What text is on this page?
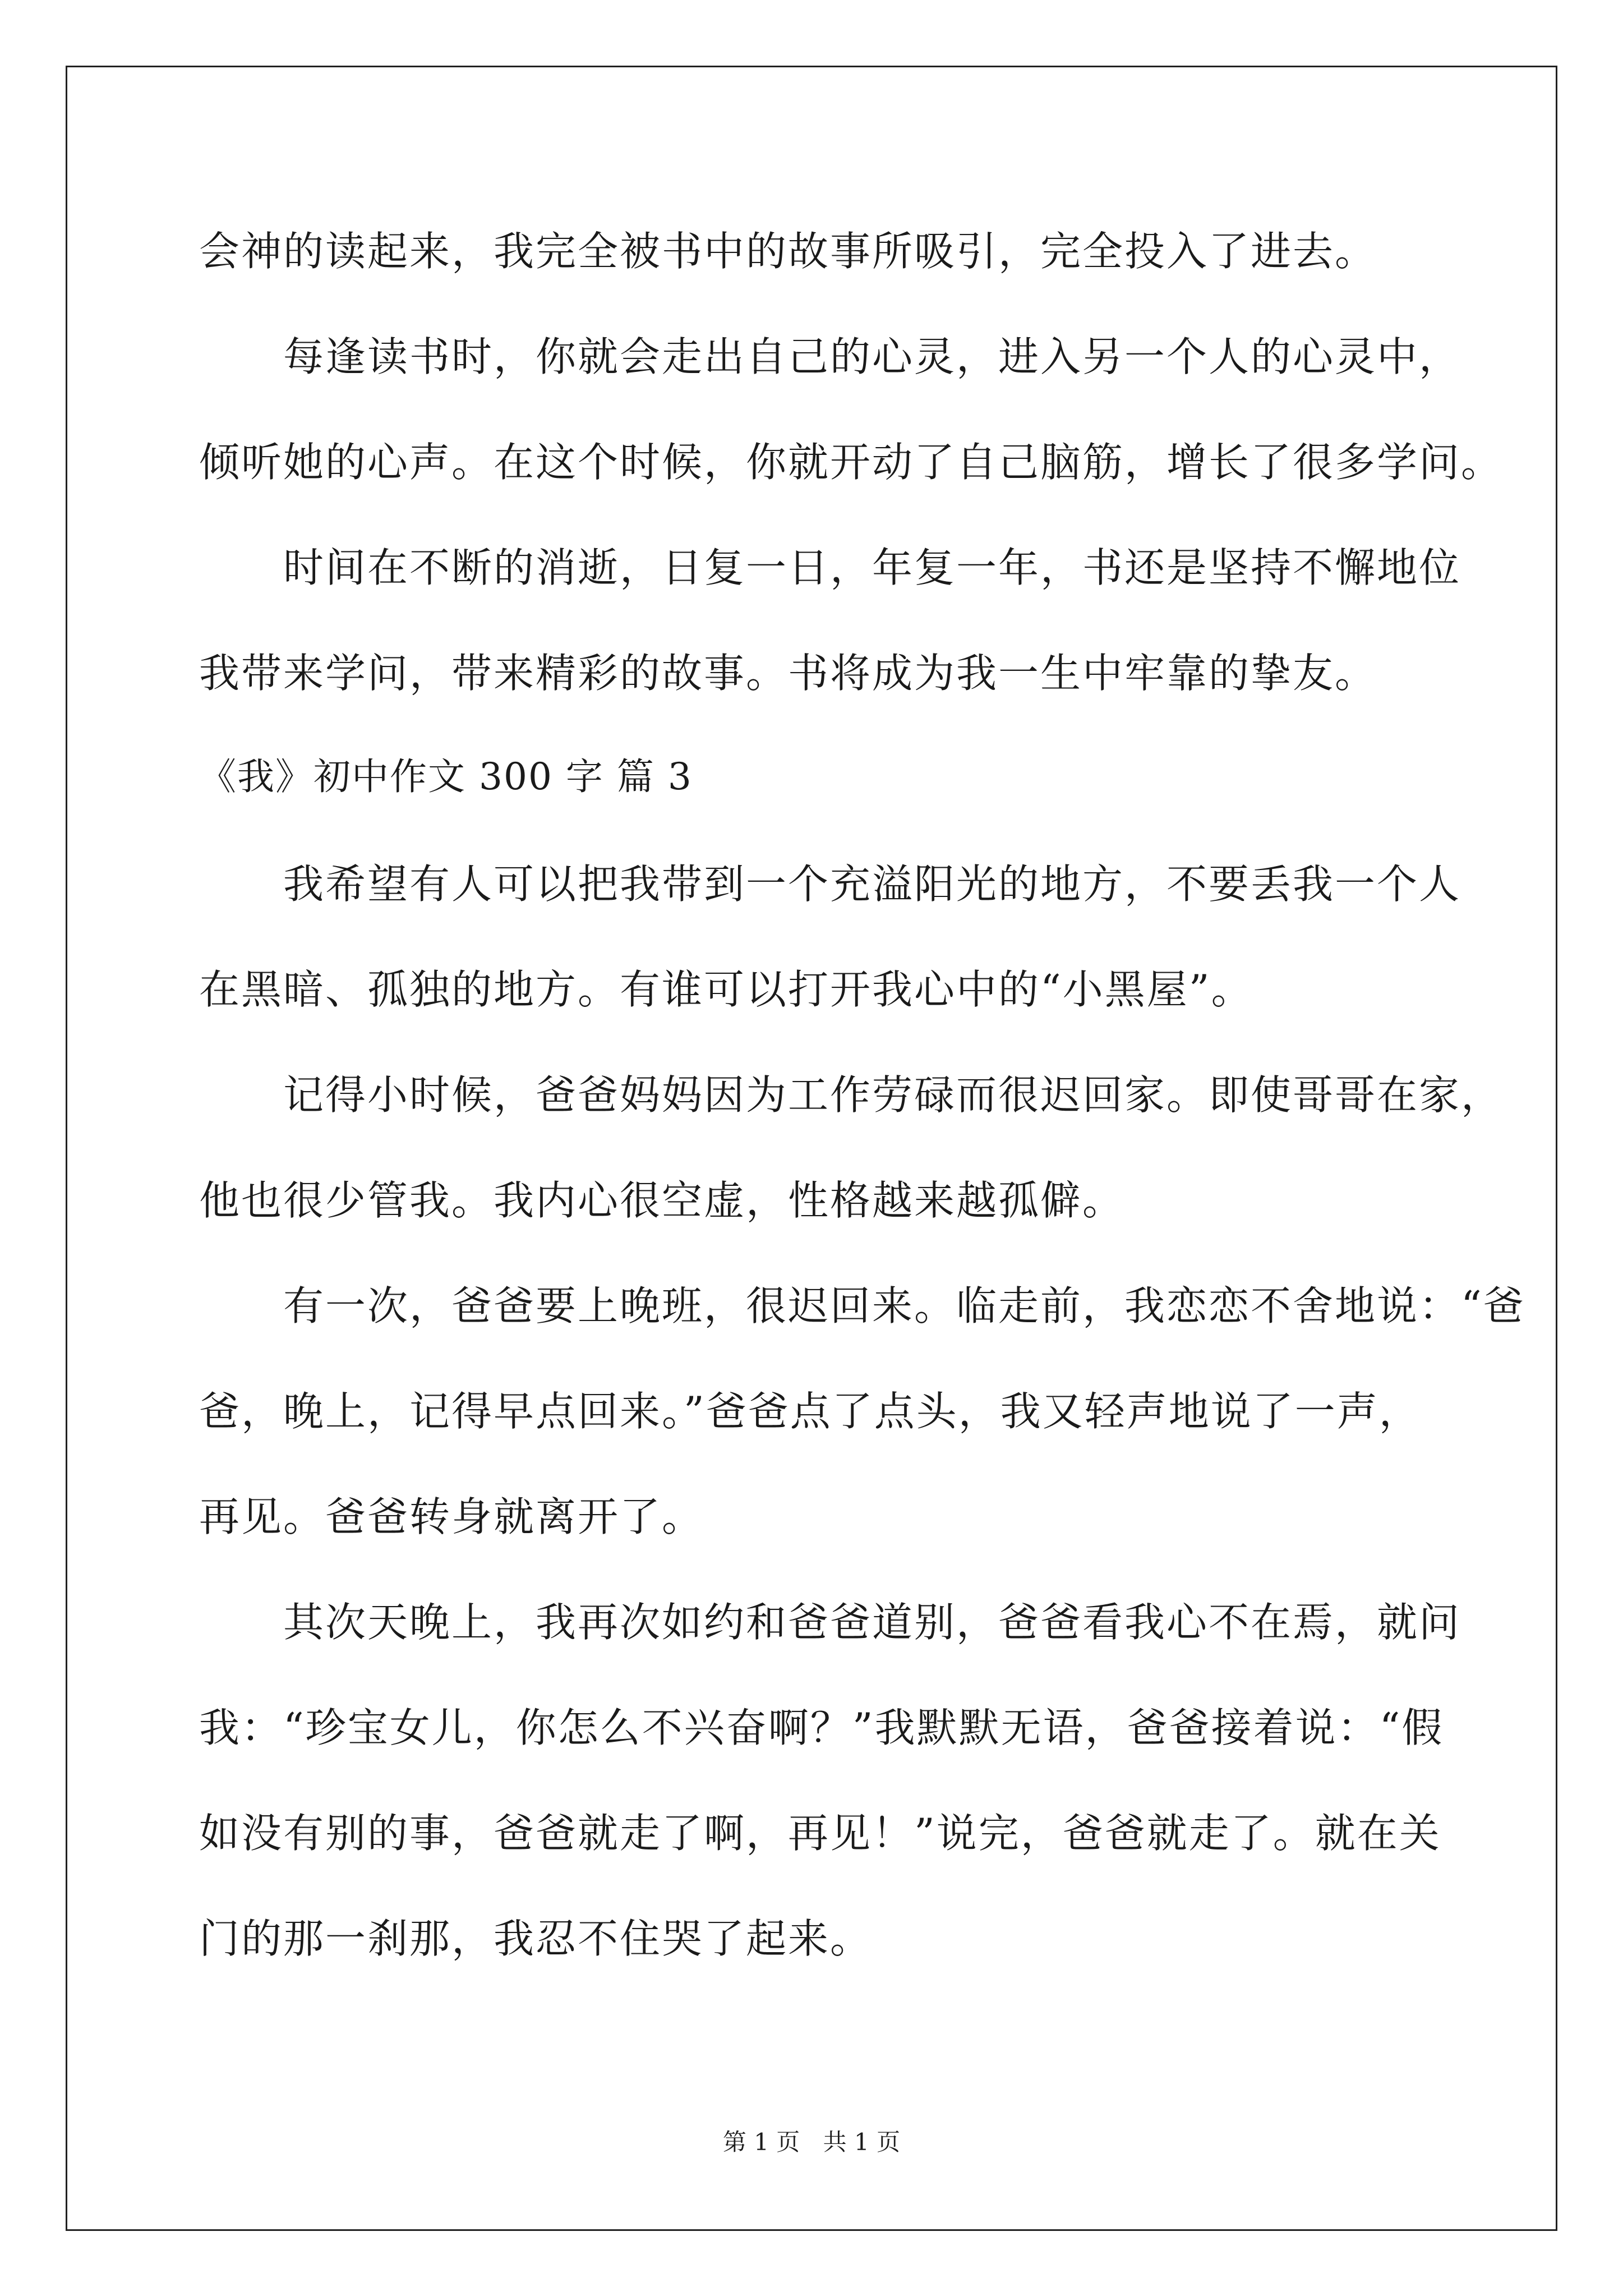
会神的读起来，我完全被书中的故事所吸引，完全投入了进去。
每逢读书时，你就会走出自己的心灵，进入另一个人的心灵中，
倾听她的心声。在这个时候，你就开动了自己脑筋，增长了很多学问。
时间在不断的消逝，日复一日，年复一年，书还是坚持不懈地位
我带来学问，带来精彩的故事。书将成为我一生中牢靠的挚友。
《我》初中作文 300 字 篇 3
我希望有人可以把我带到一个充溢阳光的地方，不要丢我一个人
在黑暗、孤独的地方。有谁可以打开我心中的“小黑屋”。
记得小时候，爸爸妈妈因为工作劳碌而很迟回家。即使哥哥在家，
他也很少管我。我内心很空虚，性格越来越孤僻。
有一次，爸爸要上晚班，很迟回来。临走前，我恋恋不舍地说：“爸
爸，晚上，记得早点回来。”爸爸点了点头，我又轻声地说了一声，
再见。爸爸转身就离开了。
其次天晚上，我再次如约和爸爸道别，爸爸看我心不在焉，就问
我：“珍宝女儿，你怎么不兴奋啊？”我默默无语，爸爸接着说：“假
如没有别的事，爸爸就走了啊，再见！”说完，爸爸就走了。就在关
门的那一刹那，我忍不住哭了起来。
第 1 页 共 1 页
